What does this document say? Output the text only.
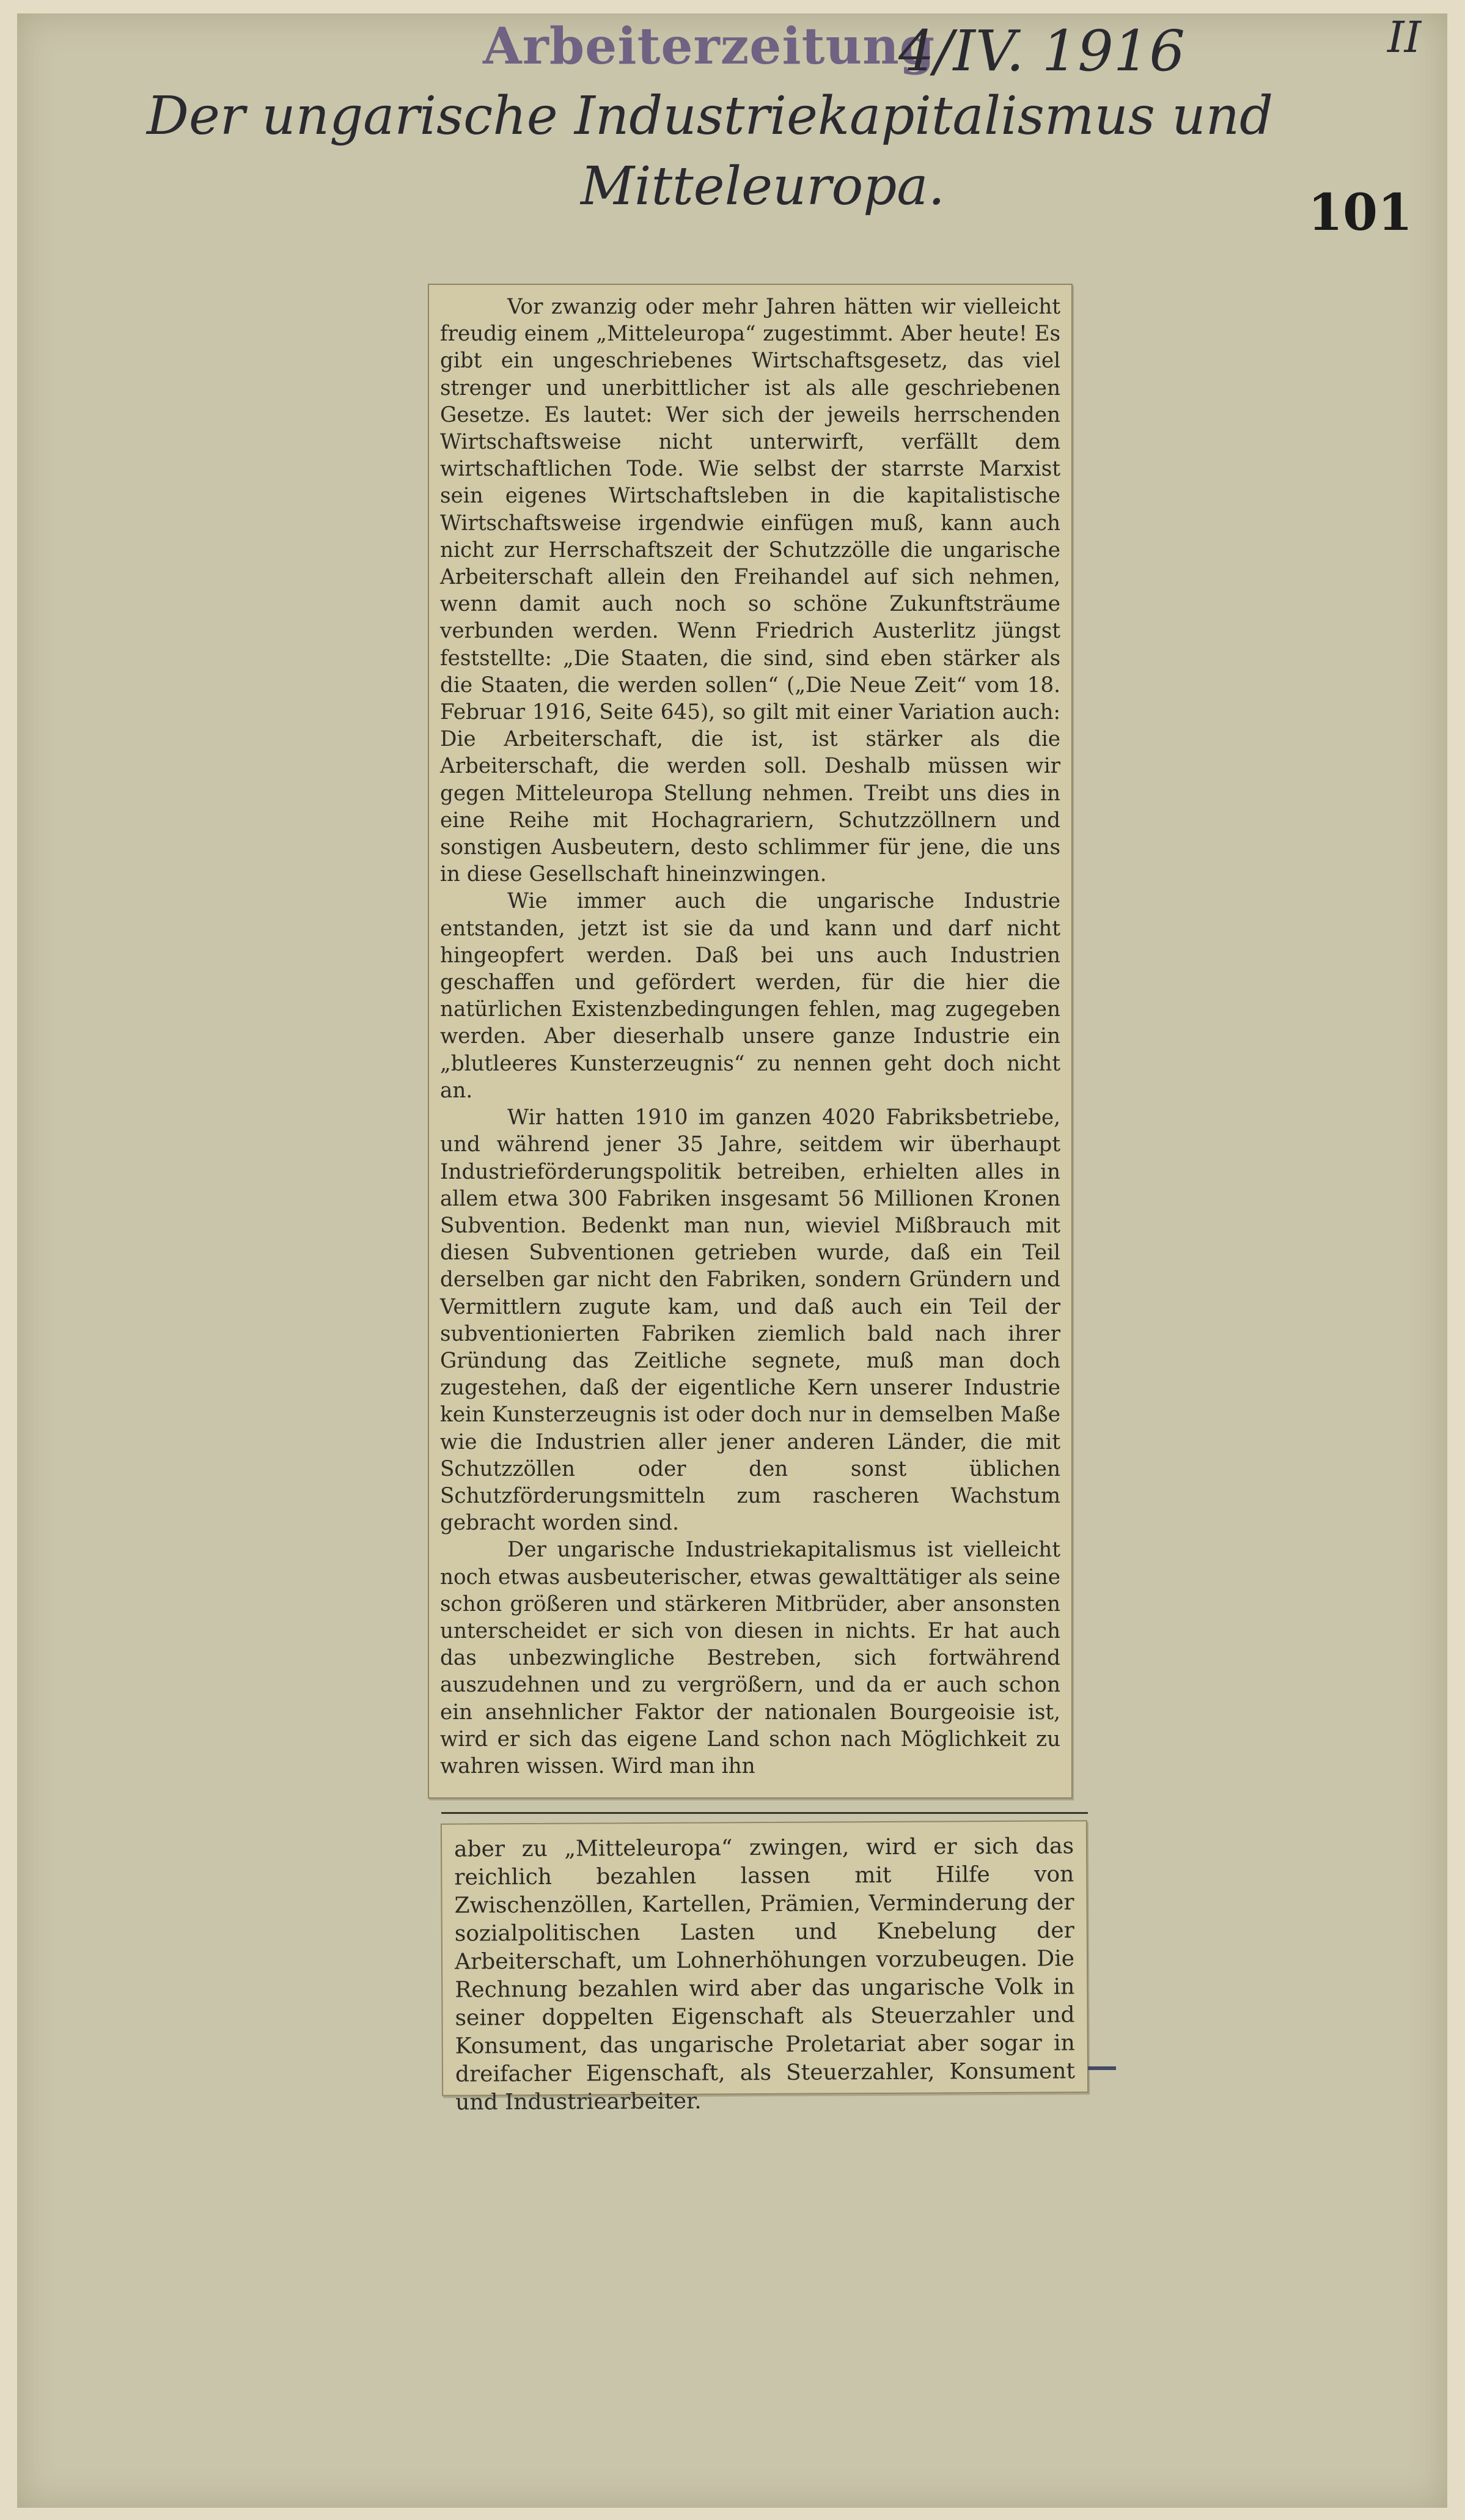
Arbeiterzeitung
4/IV. 1916	II
Der ungarische Industriekapitalismus und
Mitteleuropa.	101

Vor zwanzig oder mehr Jahren hätten wir vielleicht freudig einem „Mitteleuropa“ zugestimmt. Aber heute! Es gibt ein ungeschriebenes Wirtschaftsgesetz, das viel strenger und unerbittlicher ist als alle geschriebenen Gesetze. Es lautet: Wer sich der jeweils herrschenden Wirtschaftsweise nicht unterwirft, verfällt dem wirtschaftlichen Tode. Wie selbst der starrste Marxist sein eigenes Wirtschaftsleben in die kapitalistische Wirtschaftsweise irgendwie einfügen muß, kann auch nicht zur Herrschaftszeit der Schutzzölle die ungarische Arbeiterschaft allein den Freihandel auf sich nehmen, wenn damit auch noch so schöne Zukunftsträume verbunden werden. Wenn Friedrich Austerlitz jüngst feststellte: „Die Staaten, die sind, sind eben stärker als die Staaten, die werden sollen“ („Die Neue Zeit“ vom 18. Februar 1916, Seite 645), so gilt mit einer Variation auch: Die Arbeiterschaft, die ist, ist stärker als die Arbeiterschaft, die werden soll. Deshalb müssen wir gegen Mitteleuropa Stellung nehmen. Treibt uns dies in eine Reihe mit Hochagrariern, Schutzzöllnern und sonstigen Ausbeutern, desto schlimmer für jene, die uns in diese Gesellschaft hineinzwingen.

Wie immer auch die ungarische Industrie entstanden, jetzt ist sie da und kann und darf nicht hingeopfert werden. Daß bei uns auch Industrien geschaffen und gefördert werden, für die hier die natürlichen Existenzbedingungen fehlen, mag zugegeben werden. Aber dieserhalb unsere ganze Industrie ein „blutleeres Kunsterzeugnis“ zu nennen geht doch nicht an.

Wir hatten 1910 im ganzen 4020 Fabriksbetriebe, und während jener 35 Jahre, seitdem wir überhaupt Industrieförderungspolitik betreiben, erhielten alles in allem etwa 300 Fabriken insgesamt 56 Millionen Kronen Subvention. Bedenkt man nun, wieviel Mißbrauch mit diesen Subventionen getrieben wurde, daß ein Teil derselben gar nicht den Fabriken, sondern Gründern und Vermittlern zugute kam, und daß auch ein Teil der subventionierten Fabriken ziemlich bald nach ihrer Gründung das Zeitliche segnete, muß man doch zugestehen, daß der eigentliche Kern unserer Industrie kein Kunsterzeugnis ist oder doch nur in demselben Maße wie die Industrien aller jener anderen Länder, die mit Schutzzöllen oder den sonst üblichen Schutzförderungsmitteln zum rascheren Wachstum gebracht worden sind.

Der ungarische Industriekapitalismus ist vielleicht noch etwas ausbeuterischer, etwas gewalttätiger als seine schon größeren und stärkeren Mitbrüder, aber ansonsten unterscheidet er sich von diesen in nichts. Er hat auch das unbezwingliche Bestreben, sich fortwährend auszudehnen und zu vergrößern, und da er auch schon ein ansehnlicher Faktor der nationalen Bourgeoisie ist, wird er sich das eigene Land schon nach Möglichkeit zu wahren wissen. Wird man ihn

aber zu „Mitteleuropa“ zwingen, wird er sich das reichlich bezahlen lassen mit Hilfe von Zwischenzöllen, Kartellen, Prämien, Verminderung der sozialpolitischen Lasten und Knebelung der Arbeiterschaft, um Lohnerhöhungen vorzubeugen. Die Rechnung bezahlen wird aber das ungarische Volk in seiner doppelten Eigenschaft als Steuerzahler und Konsument, das ungarische Proletariat aber sogar in dreifacher Eigenschaft, als Steuerzahler, Konsument und Industriearbeiter.
